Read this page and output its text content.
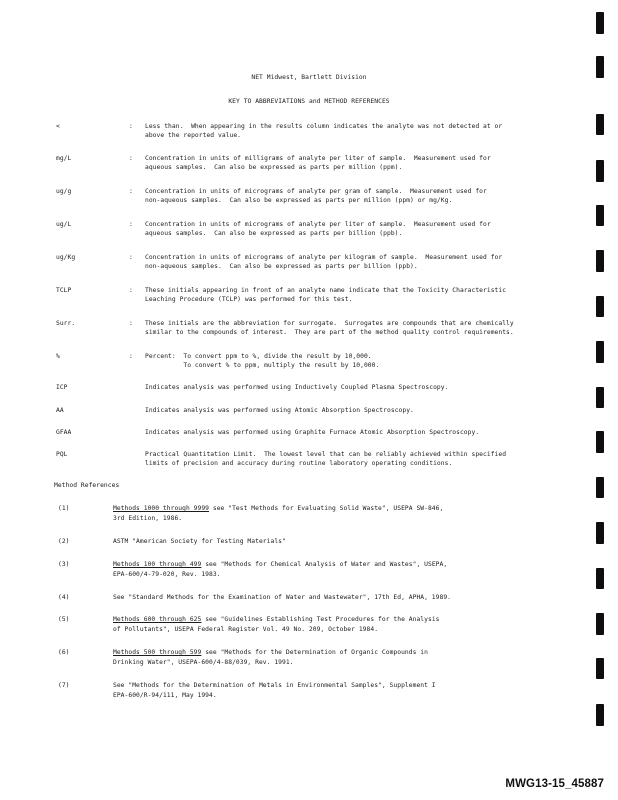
NET Midwest, Bartlett Division
KEY TO ABBREVIATIONS and METHOD REFERENCES
<	: Less than.  When appearing in the results column indicates the analyte was not detected at or
above the reported value.
mg/L	: Concentration in units of milligrams of analyte per liter of sample.  Measurement used for
aqueous samples.  Can also be expressed as parts per million (ppm).
ug/g	: Concentration in units of micrograms of analyte per gram of sample.  Measurement used for
non-aqueous samples.  Can also be expressed as parts per million (ppm) or mg/Kg.
ug/L	: Concentration in units of micrograms of analyte per liter of sample.  Measurement used for
aqueous samples.  Can also be expressed as parts per billion (ppb).
ug/Kg	: Concentration in units of micrograms of analyte per kilogram of sample.  Measurement used for
non-aqueous samples.  Can also be expressed as parts per billion (ppb).
TCLP	: These initials appearing in front of an analyte name indicate that the Toxicity Characteristic
Leaching Procedure (TCLP) was performed for this test.
Surr.	: These initials are the abbreviation for surrogate.  Surrogates are compounds that are chemically
similar to the compounds of interest.  They are part of the method quality control requirements.
%	: Percent:  To convert ppm to %, divide the result by 10,000.
To convert % to ppm, multiply the result by 10,000.
ICP	Indicates analysis was performed using Inductively Coupled Plasma Spectroscopy.
AA	Indicates analysis was performed using Atomic Absorption Spectroscopy.
GFAA	Indicates analysis was performed using Graphite Furnace Atomic Absorption Spectroscopy.
PQL	Practical Quantitation Limit.  The lowest level that can be reliably achieved within specified
limits of precision and accuracy during routine laboratory operating conditions.
Method References
(1)	Methods 1000 through 9999 see "Test Methods for Evaluating Solid Waste", USEPA SW-846,
3rd Edition, 1986.
(2)	ASTM "American Society for Testing Materials"
(3)	Methods 100 through 499 see "Methods for Chemical Analysis of Water and Wastes", USEPA,
EPA-600/4-79-020, Rev. 1983.
(4)	See "Standard Methods for the Examination of Water and Wastewater", 17th Ed, APHA, 1989.
(5)	Methods 600 through 625 see "Guidelines Establishing Test Procedures for the Analysis
of Pollutants", USEPA Federal Register Vol. 49 No. 209, October 1984.
(6)	Methods 500 through 599 see "Methods for the Determination of Organic Compounds in
Drinking Water", USEPA-600/4-88/039, Rev. 1991.
(7)	See "Methods for the Determination of Metals in Environmental Samples", Supplement I
EPA-600/R-94/111, May 1994.
MWG13-15_45887
